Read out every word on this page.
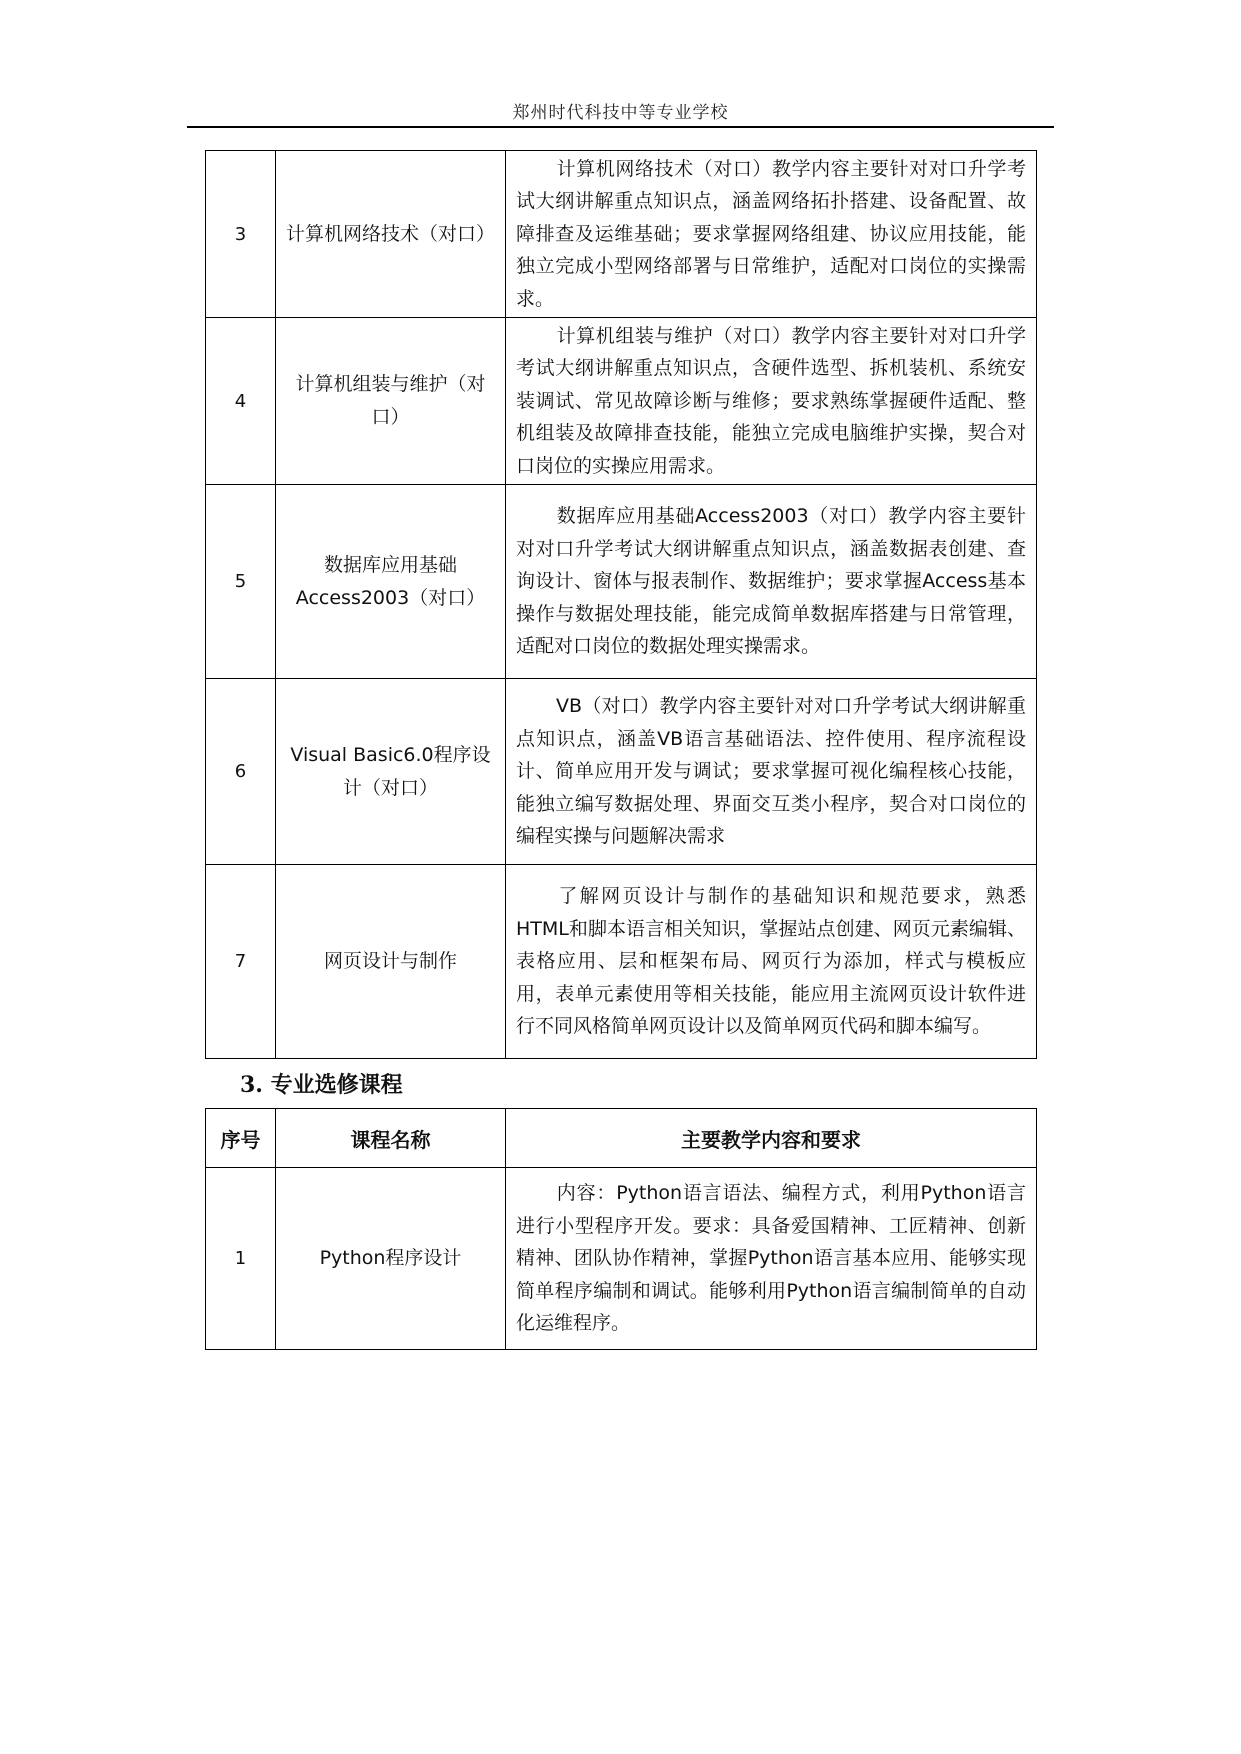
郑州时代科技中等专业学校
3	计算机网络技术（对口）	计算机网络技术（对口）教学内容主要针对对口升学考试大纲讲解重点知识点，涵盖网络拓扑搭建、设备配置、故障排查及运维基础；要求掌握网络组建、协议应用技能，能独立完成小型网络部署与日常维护，适配对口岗位的实操需求。
4	计算机组装与维护（对口）	计算机组装与维护（对口）教学内容主要针对对口升学考试大纲讲解重点知识点，含硬件选型、拆机装机、系统安装调试、常见故障诊断与维修；要求熟练掌握硬件适配、整机组装及故障排查技能，能独立完成电脑维护实操，契合对口岗位的实操应用需求。
5	数据库应用基础Access2003（对口）	数据库应用基础Access2003（对口）教学内容主要针对对口升学考试大纲讲解重点知识点，涵盖数据表创建、查询设计、窗体与报表制作、数据维护；要求掌握Access基本操作与数据处理技能，能完成简单数据库搭建与日常管理，适配对口岗位的数据处理实操需求。
6	Visual Basic6.0程序设计（对口）	VB（对口）教学内容主要针对对口升学考试大纲讲解重点知识点，涵盖VB语言基础语法、控件使用、程序流程设计、简单应用开发与调试；要求掌握可视化编程核心技能，能独立编写数据处理、界面交互类小程序，契合对口岗位的编程实操与问题解决需求
7	网页设计与制作	了解网页设计与制作的基础知识和规范要求，熟悉HTML和脚本语言相关知识，掌握站点创建、网页元素编辑、表格应用、层和框架布局、网页行为添加，样式与模板应用，表单元素使用等相关技能，能应用主流网页设计软件进行不同风格简单网页设计以及简单网页代码和脚本编写。
3. 专业选修课程
序号	课程名称	主要教学内容和要求
1	Python程序设计	内容：Python语言语法、编程方式，利用Python语言进行小型程序开发。要求：具备爱国精神、工匠精神、创新精神、团队协作精神，掌握Python语言基本应用、能够实现简单程序编制和调试。能够利用Python语言编制简单的自动化运维程序。
